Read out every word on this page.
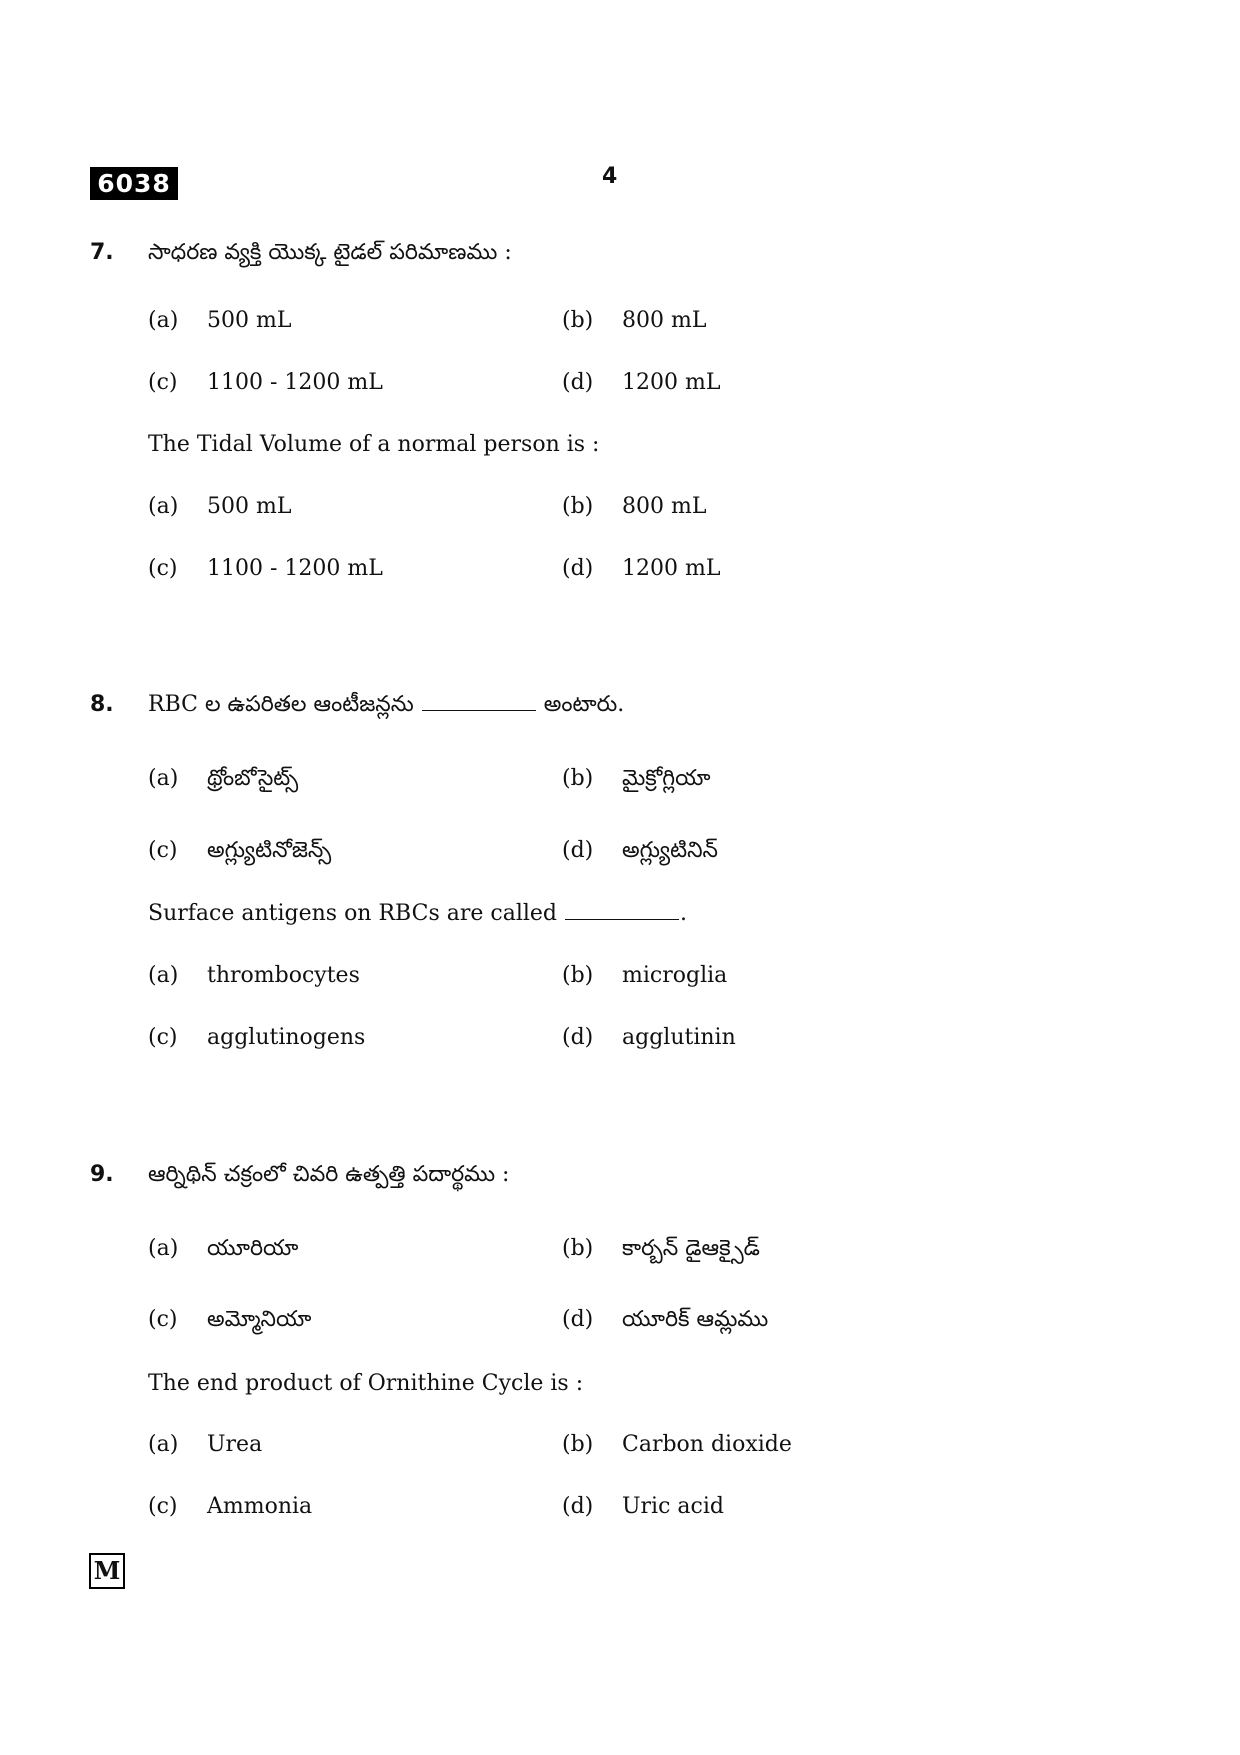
6038	4
7. సాధరణ వ్యక్తి యొక్క టైడల్ పరిమాణము :
(a) 500 mL	(b) 800 mL
(c) 1100 - 1200 mL	(d) 1200 mL
The Tidal Volume of a normal person is :
(a) 500 mL	(b) 800 mL
(c) 1100 - 1200 mL	(d) 1200 mL
8. RBC ల ఉపరితల ఆంటీజన్లను	అంటారు.
(a) థ్రోంబోసైట్స్	(b) మైక్రోగ్లియా
(c) అగ్ల్యుటినోజెన్స్	(d) అగ్ల్యుటినిన్
Surface antigens on RBCs are called	.
(a) thrombocytes	(b) microglia
(c) agglutinogens	(d) agglutinin
9. ఆర్నిథిన్ చక్రంలో చివరి ఉత్పత్తి పదార్థము :
(a) యూరియా	(b) కార్బన్ డైఆక్సైడ్
(c) అమ్మోనియా	(d) యూరిక్ ఆమ్లము
The end product of Ornithine Cycle is :
(a) Urea	(b) Carbon dioxide
(c) Ammonia	(d) Uric acid
M
